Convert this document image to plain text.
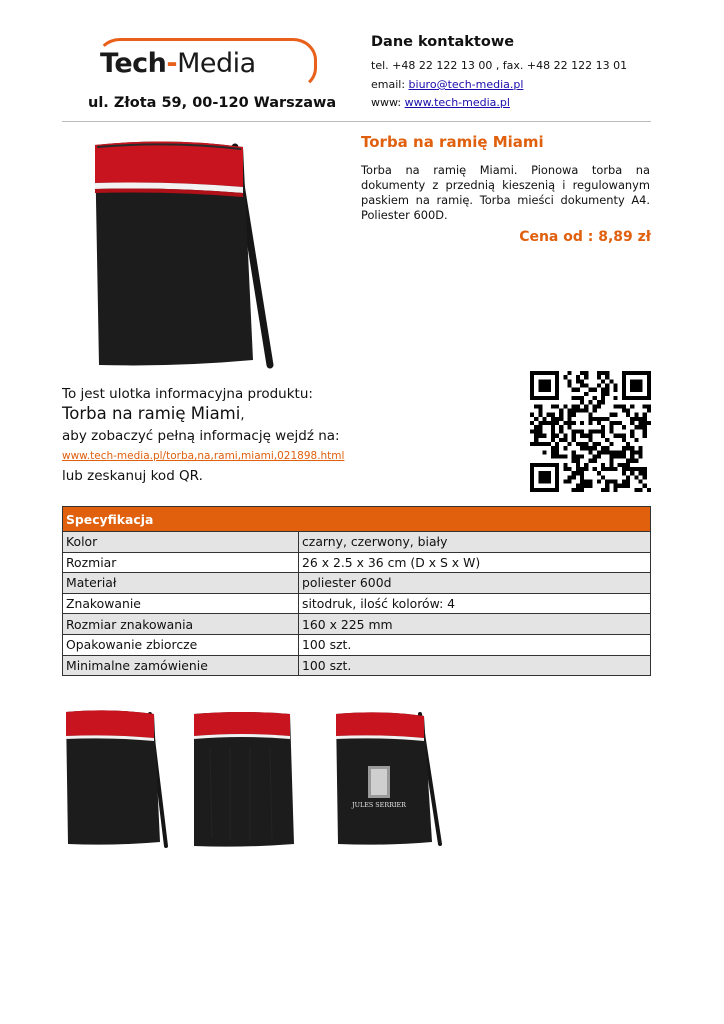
Tech-Media
ul. Złota 59, 00-120 Warszawa
Dane kontaktowe
tel. +48 22 122 13 00 , fax. +48 22 122 13 01
email: biuro@tech-media.pl
www: www.tech-media.pl
Torba na ramię Miami
Torba na ramię Miami. Pionowa torba na dokumenty z przednią kieszenią i regulowanym paskiem na ramię. Torba mieści dokumenty A4. Poliester 600D.
Cena od : 8,89 zł
To jest ulotka informacyjna produktu:
Torba na ramię Miami,
aby zobaczyć pełną informację wejdź na:
www.tech-media.pl/torba,na,rami,miami,021898.html
lub zeskanuj kod QR.
Specyfikacja	
Kolor	czarny, czerwony, biały
Rozmiar	26 x 2.5 x 36 cm (D x S x W)
Materiał	poliester 600d
Znakowanie	sitodruk, ilość kolorów: 4
Rozmiar znakowania	160 x 225 mm
Opakowanie zbiorcze	100 szt.
Minimalne zamówienie	100 szt.
JULES SERRIER
